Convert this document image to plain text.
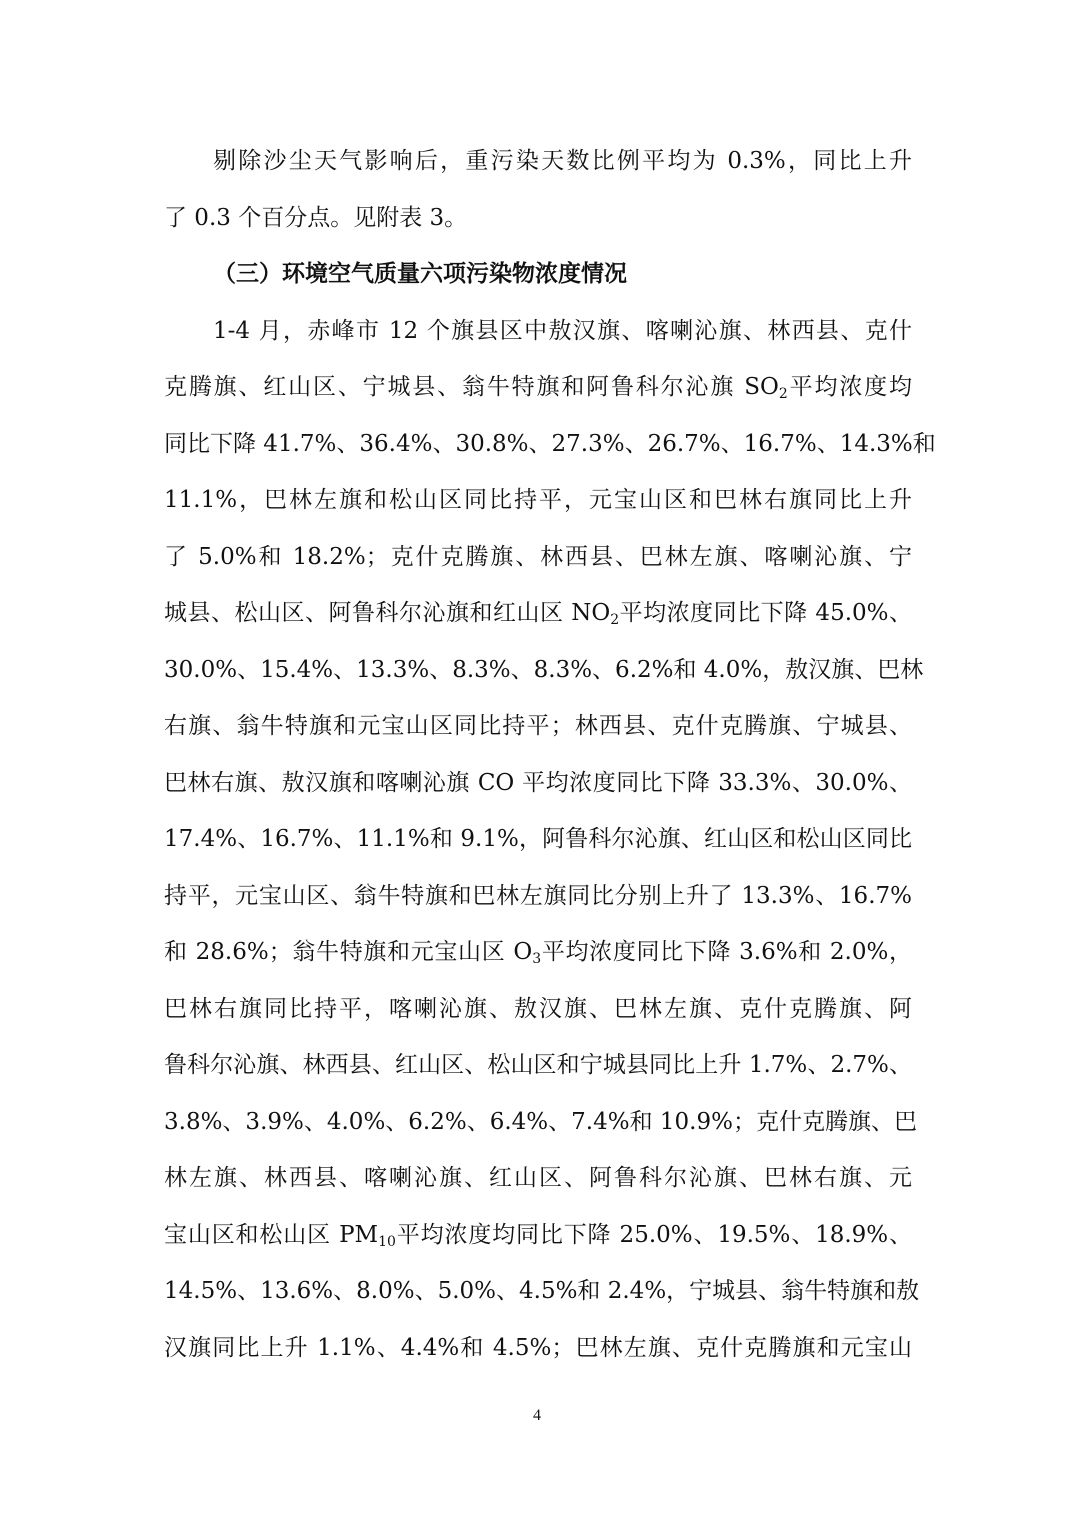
剔除沙尘天气影响后，重污染天数比例平均为 0.3%，同比上升
了 0.3 个百分点。见附表 3。
（三）环境空气质量六项污染物浓度情况
1-4 月，赤峰市 12 个旗县区中敖汉旗、喀喇沁旗、林西县、克什
克腾旗、红山区、宁城县、翁牛特旗和阿鲁科尔沁旗 $SO_2$平均浓度均
同比下降 41.7%、36.4%、30.8%、27.3%、26.7%、16.7%、14.3%和
11.1%，巴林左旗和松山区同比持平，元宝山区和巴林右旗同比上升
了 5.0%和 18.2%；克什克腾旗、林西县、巴林左旗、喀喇沁旗、宁
城县、松山区、阿鲁科尔沁旗和红山区 $NO_2$平均浓度同比下降 45.0%、
30.0%、15.4%、13.3%、8.3%、8.3%、6.2%和 4.0%，敖汉旗、巴林
右旗、翁牛特旗和元宝山区同比持平；林西县、克什克腾旗、宁城县、
巴林右旗、敖汉旗和喀喇沁旗 CO 平均浓度同比下降 33.3%、30.0%、
17.4%、16.7%、11.1%和 9.1%，阿鲁科尔沁旗、红山区和松山区同比
持平，元宝山区、翁牛特旗和巴林左旗同比分别上升了 13.3%、16.7%
和 28.6%；翁牛特旗和元宝山区 $O_3$平均浓度同比下降 3.6%和 2.0%，
巴林右旗同比持平，喀喇沁旗、敖汉旗、巴林左旗、克什克腾旗、阿
鲁科尔沁旗、林西县、红山区、松山区和宁城县同比上升 1.7%、2.7%、
3.8%、3.9%、4.0%、6.2%、6.4%、7.4%和 10.9%；克什克腾旗、巴
林左旗、林西县、喀喇沁旗、红山区、阿鲁科尔沁旗、巴林右旗、元
宝山区和松山区 $PM_{10}$平均浓度均同比下降 25.0%、19.5%、18.9%、
14.5%、13.6%、8.0%、5.0%、4.5%和 2.4%，宁城县、翁牛特旗和敖
汉旗同比上升 1.1%、4.4%和 4.5%；巴林左旗、克什克腾旗和元宝山
4
